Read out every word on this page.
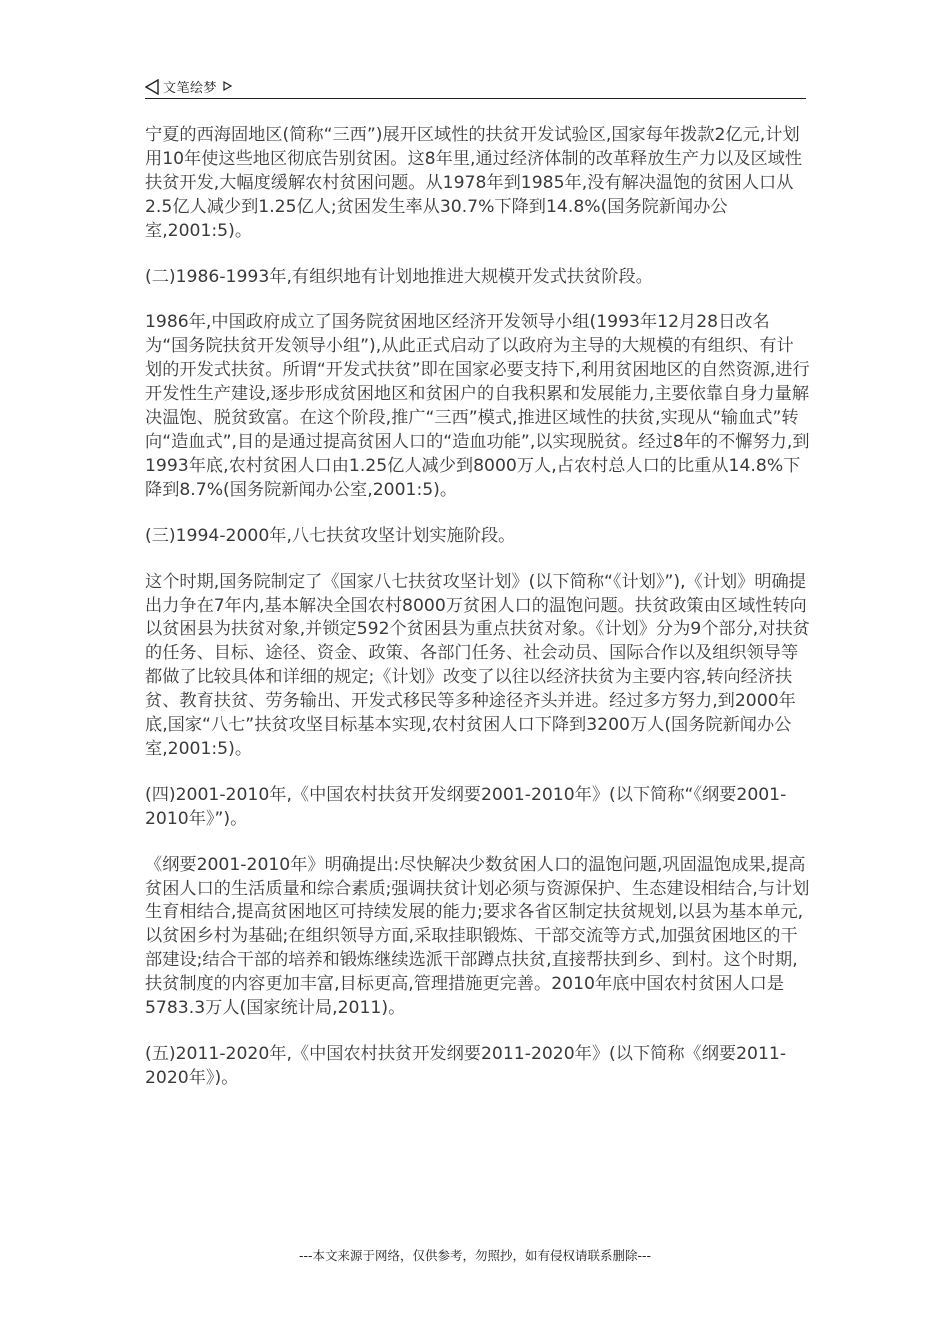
文笔绘梦

宁夏的西海固地区(简称“三西”)展开区域性的扶贫开发试验区,国家每年拨款2亿元,计划用10年使这些地区彻底告别贫困。这8年里,通过经济体制的改革释放生产力以及区域性扶贫开发,大幅度缓解农村贫困问题。从1978年到1985年,没有解决温饱的贫困人口从2.5亿人减少到1.25亿人;贫困发生率从30.7%下降到14.8%(国务院新闻办公室,2001:5)。

(二)1986-1993年,有组织地有计划地推进大规模开发式扶贫阶段。

1986年,中国政府成立了国务院贫困地区经济开发领导小组(1993年12月28日改名为“国务院扶贫开发领导小组”),从此正式启动了以政府为主导的大规模的有组织、有计划的开发式扶贫。所谓“开发式扶贫”即在国家必要支持下,利用贫困地区的自然资源,进行开发性生产建设,逐步形成贫困地区和贫困户的自我积累和发展能力,主要依靠自身力量解决温饱、脱贫致富。在这个阶段,推广“三西”模式,推进区域性的扶贫,实现从“输血式”转向“造血式”,目的是通过提高贫困人口的“造血功能”,以实现脱贫。经过8年的不懈努力,到1993年底,农村贫困人口由1.25亿人减少到8000万人,占农村总人口的比重从14.8%下降到8.7%(国务院新闻办公室,2001:5)。

(三)1994-2000年,八七扶贫攻坚计划实施阶段。

这个时期,国务院制定了《国家八七扶贫攻坚计划》(以下简称“《计划》”),《计划》明确提出力争在7年内,基本解决全国农村8000万贫困人口的温饱问题。扶贫政策由区域性转向以贫困县为扶贫对象,并锁定592个贫困县为重点扶贫对象。《计划》分为9个部分,对扶贫的任务、目标、途径、资金、政策、各部门任务、社会动员、国际合作以及组织领导等都做了比较具体和详细的规定;《计划》改变了以往以经济扶贫为主要内容,转向经济扶贫、教育扶贫、劳务输出、开发式移民等多种途径齐头并进。经过多方努力,到2000年底,国家“八七”扶贫攻坚目标基本实现,农村贫困人口下降到3200万人(国务院新闻办公室,2001:5)。

(四)2001-2010年,《中国农村扶贫开发纲要2001-2010年》(以下简称“《纲要2001-2010年》”)。

《纲要2001-2010年》明确提出:尽快解决少数贫困人口的温饱问题,巩固温饱成果,提高贫困人口的生活质量和综合素质;强调扶贫计划必须与资源保护、生态建设相结合,与计划生育相结合,提高贫困地区可持续发展的能力;要求各省区制定扶贫规划,以县为基本单元,以贫困乡村为基础;在组织领导方面,采取挂职锻炼、干部交流等方式,加强贫困地区的干部建设;结合干部的培养和锻炼继续选派干部蹲点扶贫,直接帮扶到乡、到村。这个时期,扶贫制度的内容更加丰富,目标更高,管理措施更完善。2010年底中国农村贫困人口是5783.3万人(国家统计局,2011)。

(五)2011-2020年,《中国农村扶贫开发纲要2011-2020年》(以下简称《纲要2011-2020年》)。

---本文来源于网络，仅供参考，勿照抄，如有侵权请联系删除---
